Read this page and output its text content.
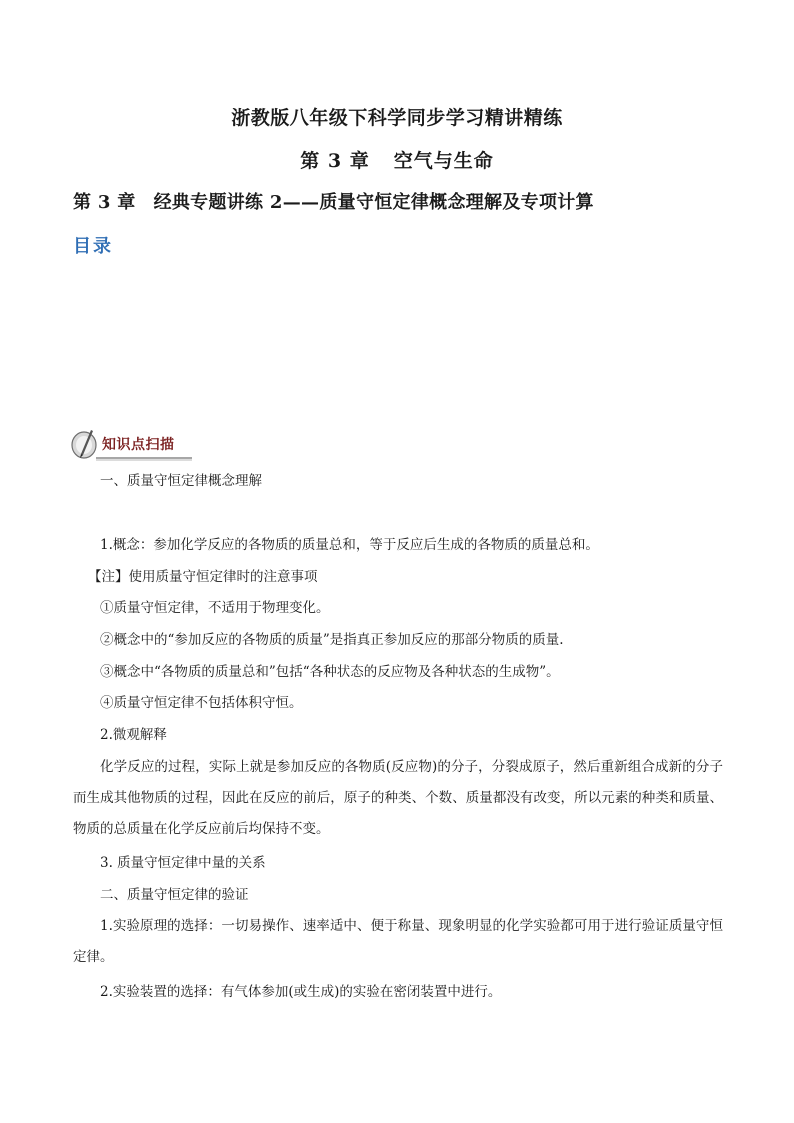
浙教版八年级下科学同步学习精讲精练
第 3 章 空气与生命
第 3 章 经典专题讲练 2——质量守恒定律概念理解及专项计算
目录
知识点扫描
一、质量守恒定律概念理解
1.概念：参加化学反应的各物质的质量总和，等于反应后生成的各物质的质量总和。
【注】使用质量守恒定律时的注意事项
①质量守恒定律，不适用于物理变化。
②概念中的“参加反应的各物质的质量”是指真正参加反应的那部分物质的质量.
③概念中“各物质的质量总和”包括“各种状态的反应物及各种状态的生成物”。
④质量守恒定律不包括体积守恒。
2.微观解释
化学反应的过程，实际上就是参加反应的各物质(反应物)的分子，分裂成原子，然后重新组合成新的分子而生成其他物质的过程，因此在反应的前后，原子的种类、个数、质量都没有改变，所以元素的种类和质量、物质的总质量在化学反应前后均保持不变。
3. 质量守恒定律中量的关系
二、质量守恒定律的验证
1.实验原理的选择：一切易操作、速率适中、便于称量、现象明显的化学实验都可用于进行验证质量守恒定律。
2.实验装置的选择：有气体参加(或生成)的实验在密闭装置中进行。
